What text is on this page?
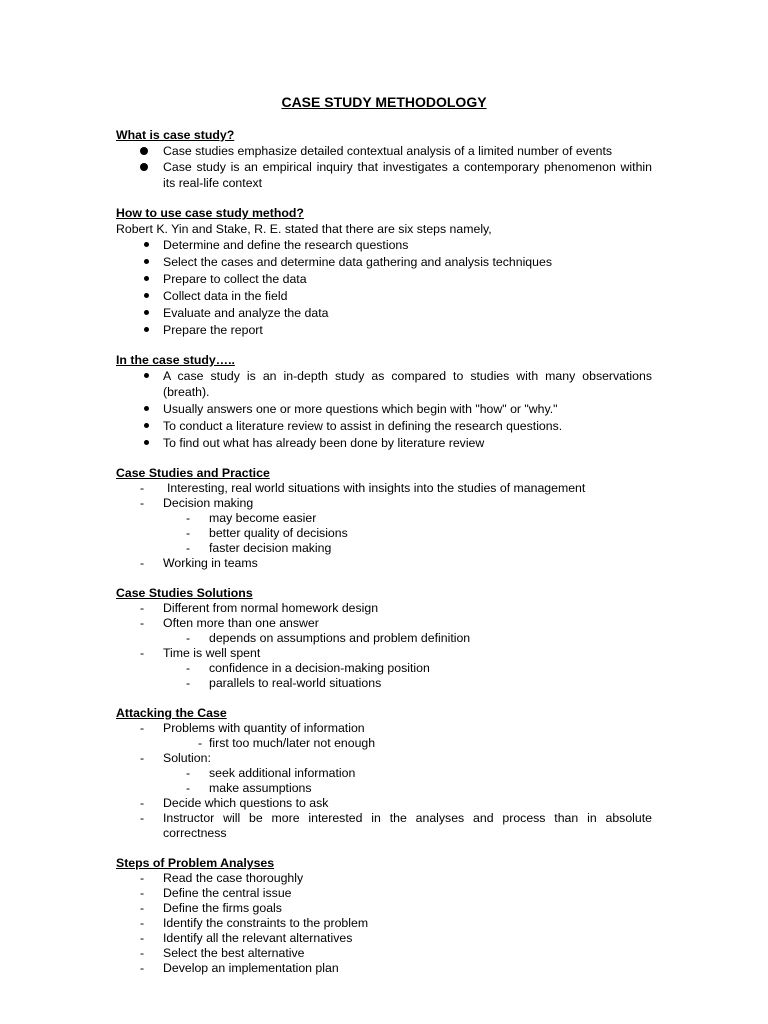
CASE STUDY METHODOLOGY

What is case study?

Case studies emphasize detailed contextual analysis of a limited number of events
Case study is an empirical inquiry that investigates a contemporary phenomenon within its real-life context

How to use case study method?

Robert K. Yin and Stake, R. E. stated that there are six steps namely,

Determine and define the research questions
Select the cases and determine data gathering and analysis techniques
Prepare to collect the data
Collect data in the field
Evaluate and analyze the data
Prepare the report

In the case study…..

A case study is an in-depth study as compared to studies with many observations (breath).
Usually answers one or more questions which begin with "how" or "why."
To conduct a literature review to assist in defining the research questions.
To find out what has already been done by literature review

Case Studies and Practice

-	Interesting, real world situations with insights into the studies of management
- Decision making
- may become easier
- better quality of decisions
- faster decision making
- Working in teams

Case Studies Solutions

- Different from normal homework design
- Often more than one answer
- depends on assumptions and problem definition
- Time is well spent
- confidence in a decision-making position
- parallels to real-world situations

Attacking the Case

- Problems with quantity of information
- first too much/later not enough
- Solution:
- seek additional information
- make assumptions
- Decide which questions to ask
- Instructor will be more interested in the analyses and process than in absolute correctness

Steps of Problem Analyses

- Read the case thoroughly
- Define the central issue
- Define the firms goals
- Identify the constraints to the problem
- Identify all the relevant alternatives
- Select the best alternative
- Develop an implementation plan
